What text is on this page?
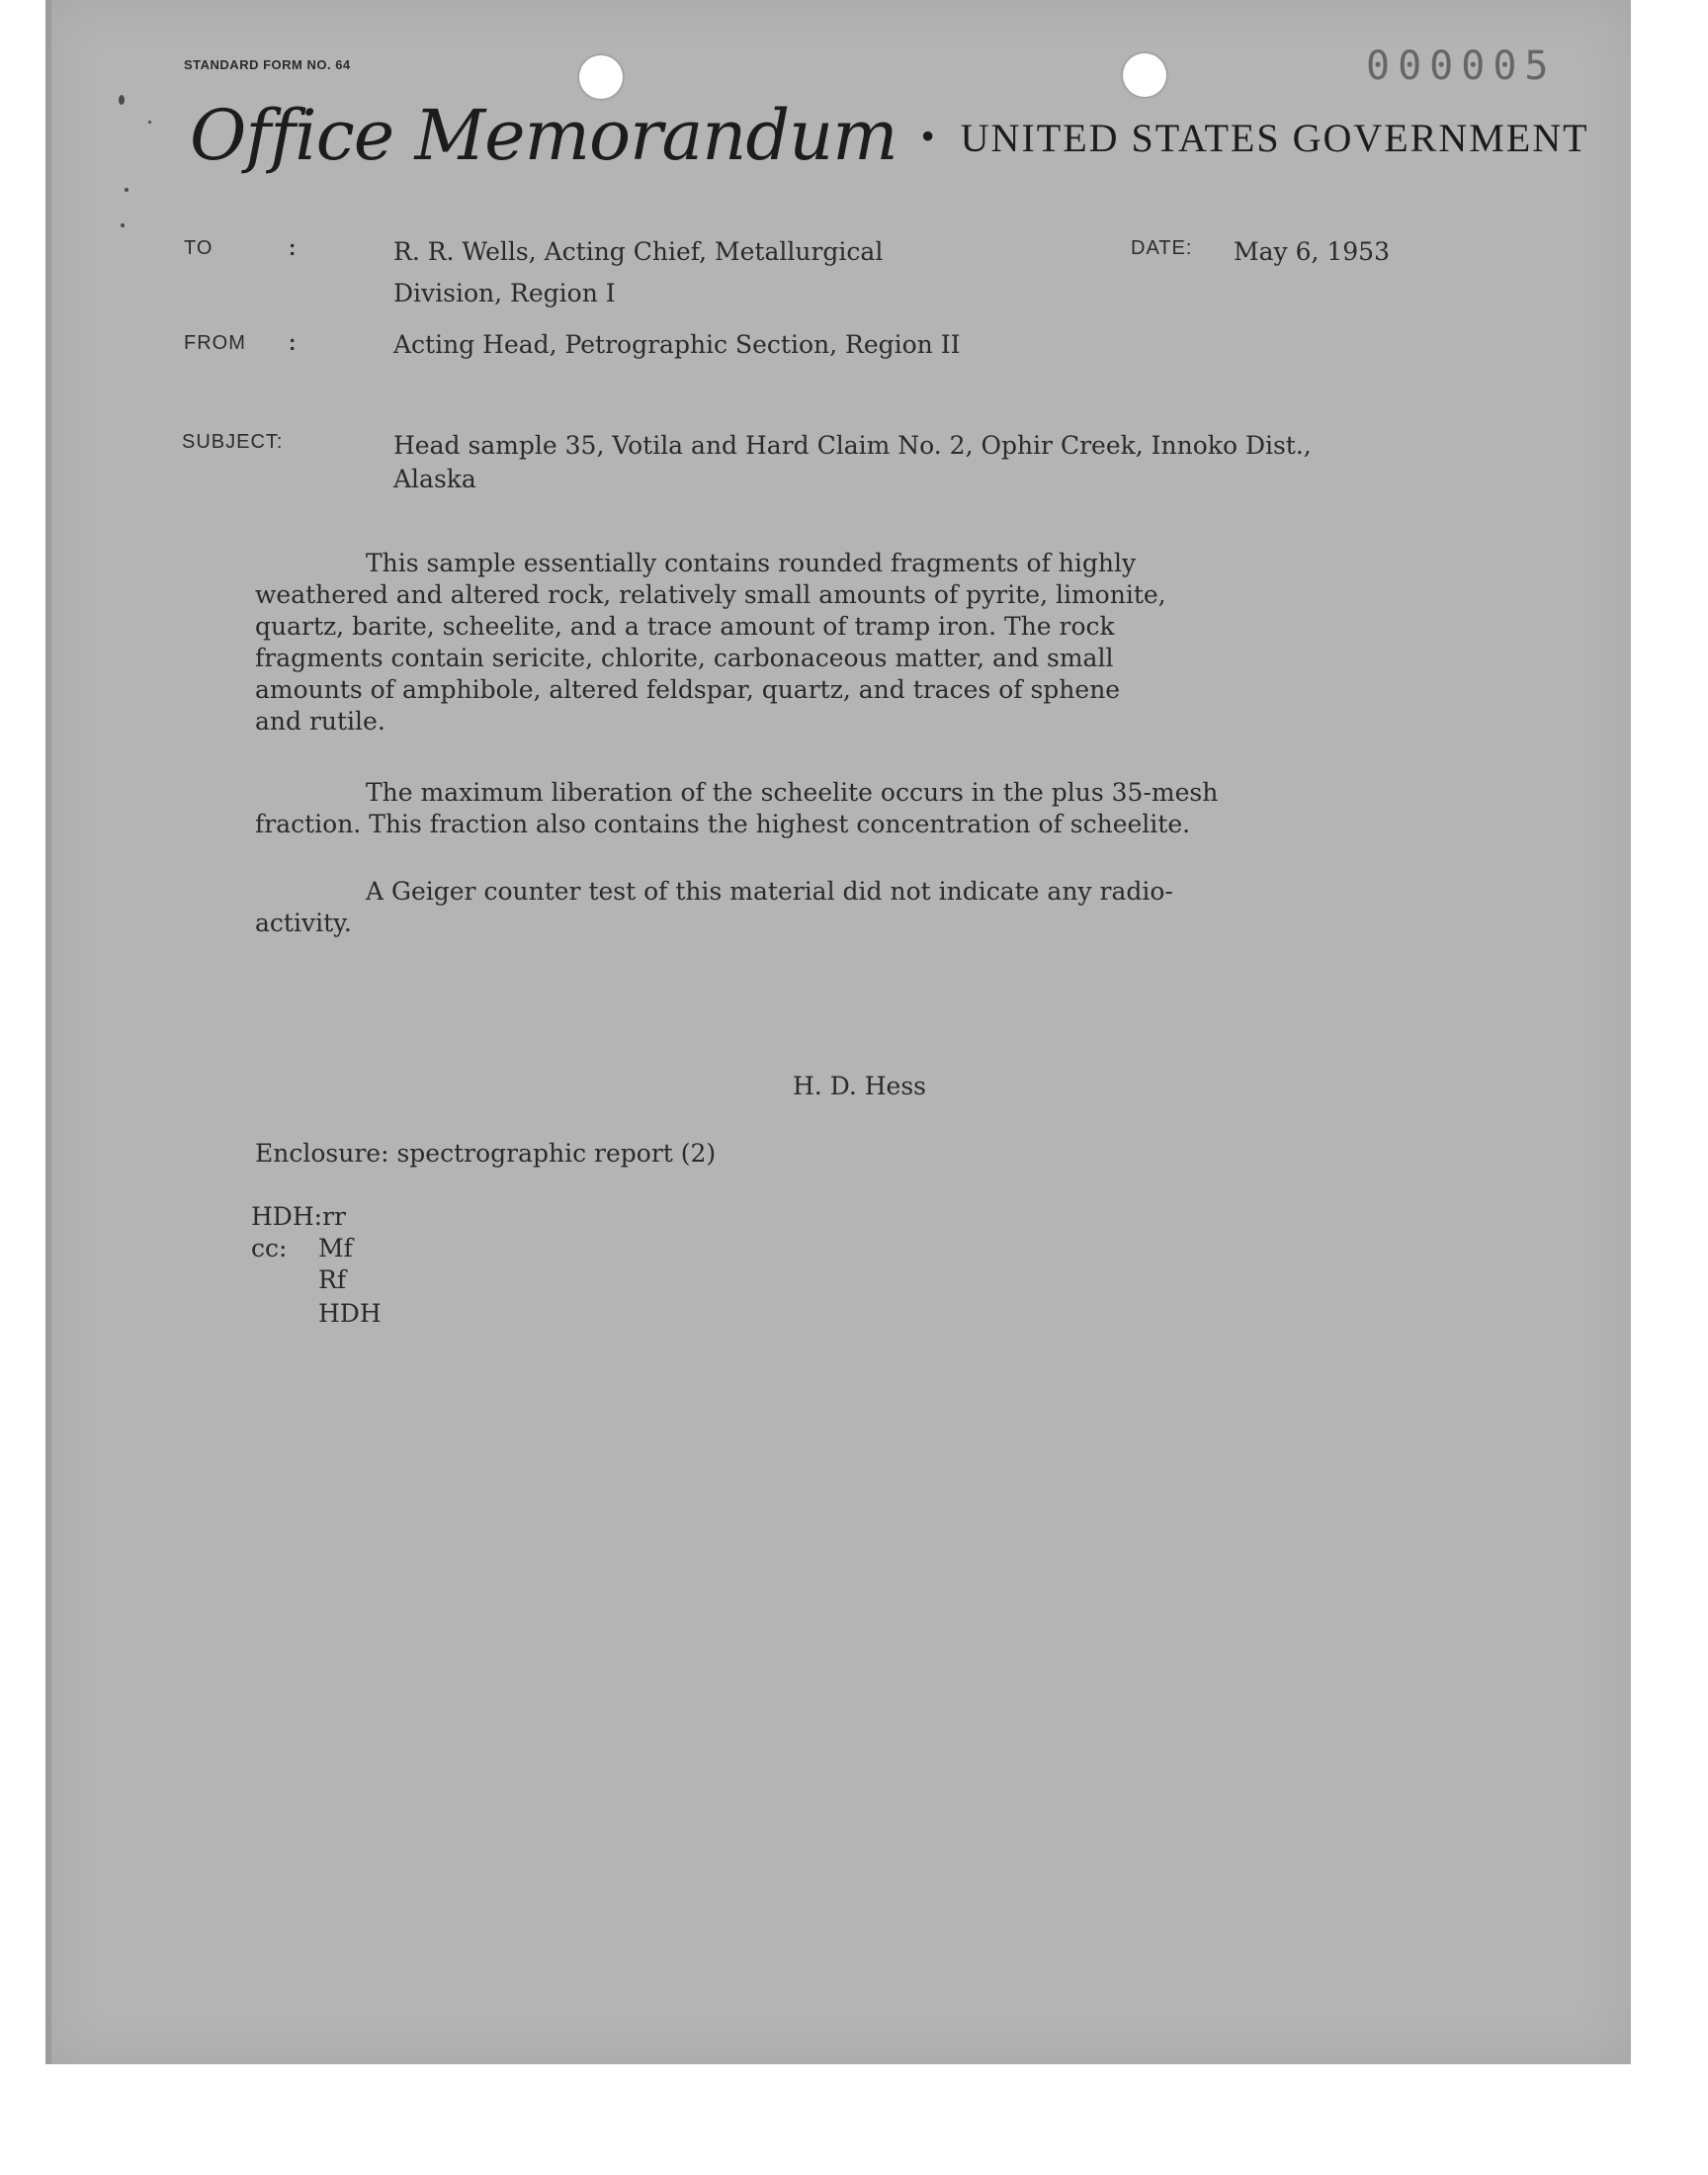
STANDARD FORM NO. 64	000005
Office Memorandum • UNITED STATES GOVERNMENT
TO	:	R. R. Wells, Acting Chief, Metallurgical
Division, Region I
DATE: May 6, 1953
FROM :	Acting Head, Petrographic Section, Region II
SUBJECT:	Head sample 35, Votila and Hard Claim No. 2, Ophir Creek, Innoko Dist.,
Alaska
This sample essentially contains rounded fragments of highly
weathered and altered rock, relatively small amounts of pyrite, limonite,
quartz, barite, scheelite, and a trace amount of tramp iron. The rock
fragments contain sericite, chlorite, carbonaceous matter, and small
amounts of amphibole, altered feldspar, quartz, and traces of sphene
and rutile.
The maximum liberation of the scheelite occurs in the plus 35-mesh
fraction. This fraction also contains the highest concentration of scheelite.
A Geiger counter test of this material did not indicate any radio-
activity.
H. D. Hess
Enclosure: spectrographic report (2)
HDH:rr
cc: Mf
Rf
HDH
